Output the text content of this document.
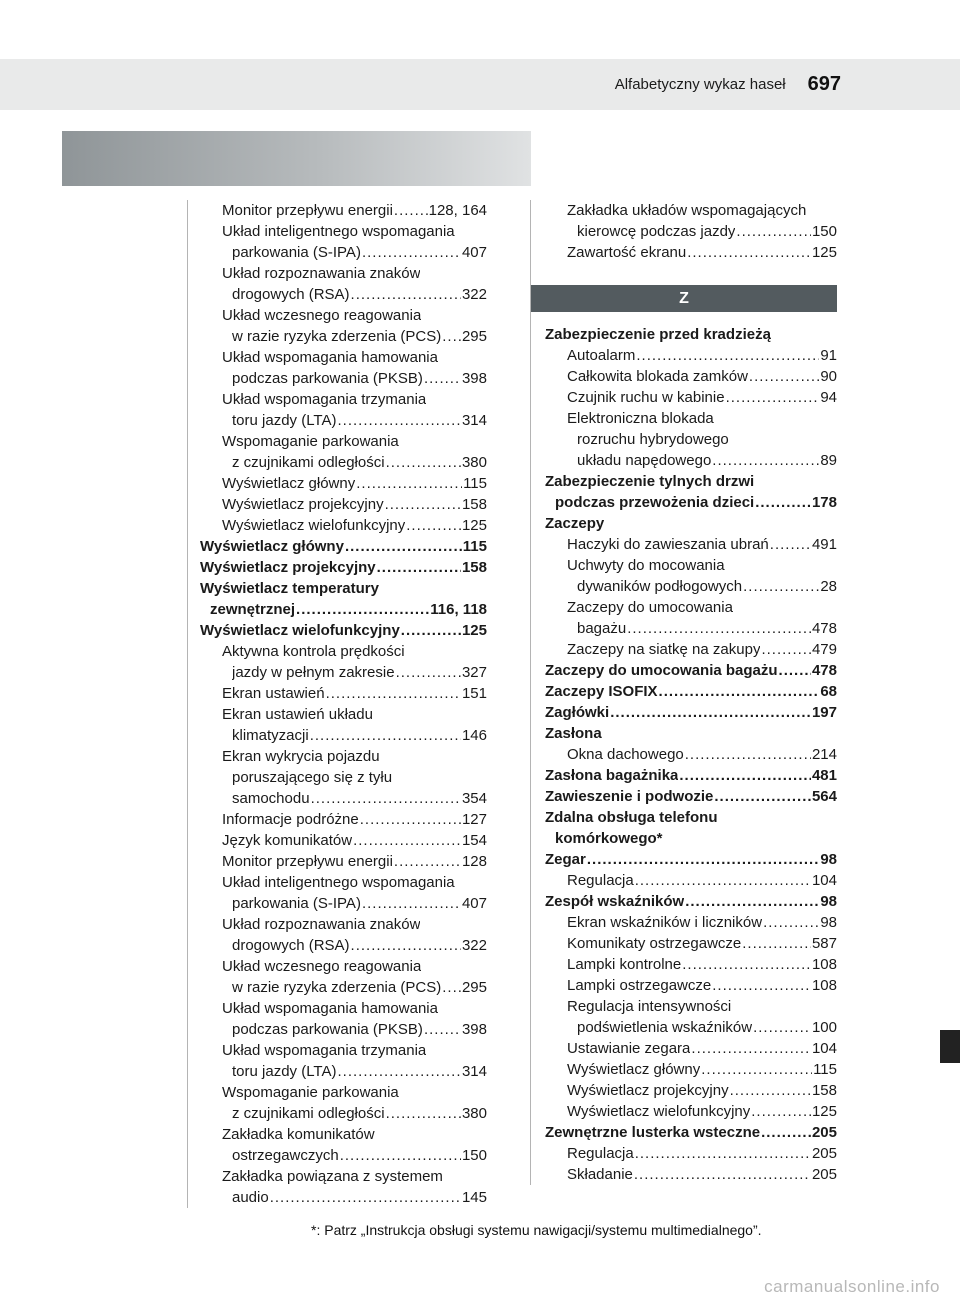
Alfabetyczny wykaz haseł 697
Monitor przepływu energii ..... 128, 164
Układ inteligentnego wspomagania
parkowania (S-IPA) .....	407
Układ rozpoznawania znaków
drogowych (RSA) .....	322
Układ wczesnego reagowania
w razie ryzyka zderzenia (PCS) ..... 295
Układ wspomagania hamowania
podczas parkowania (PKSB) .....	398
Układ wspomagania trzymania
toru jazdy (LTA) .....	314
Wspomaganie parkowania
z czujnikami odległości .....	380
Wyświetlacz główny .....	115
Wyświetlacz projekcyjny .....	158
Wyświetlacz wielofunkcyjny .....	125
Wyświetlacz główny .....	115
Wyświetlacz projekcyjny .....	158
Wyświetlacz temperatury
zewnętrznej .....	116, 118
Wyświetlacz wielofunkcyjny .....	125
Aktywna kontrola prędkości
jazdy w pełnym zakresie .....	327
Ekran ustawień .....	151
Ekran ustawień układu
klimatyzacji .....	146
Ekran wykrycia pojazdu
poruszającego się z tyłu
samochodu .....	354
Informacje podróżne .....	127
Język komunikatów .....	154
Monitor przepływu energii .....	128
Układ inteligentnego wspomagania
parkowania (S-IPA) .....	407
Układ rozpoznawania znaków
drogowych (RSA) .....	322
Układ wczesnego reagowania
w razie ryzyka zderzenia (PCS) ..... 295
Układ wspomagania hamowania
podczas parkowania (PKSB) .....	398
Układ wspomagania trzymania
toru jazdy (LTA) .....	314
Wspomaganie parkowania
z czujnikami odległości .....	380
Zakładka komunikatów
ostrzegawczych .....	150
Zakładka powiązana z systemem
audio .....	145
Zakładka układów wspomagających
kierowcę podczas jazdy .....	150
Zawartość ekranu .....	125
Z
Zabezpieczenie przed kradzieżą
Autoalarm .....	91
Całkowita blokada zamków .....	90
Czujnik ruchu w kabinie .....	94
Elektroniczna blokada
rozruchu hybrydowego
układu napędowego .....	89
Zabezpieczenie tylnych drzwi
podczas przewożenia dzieci .....	178
Zaczepy
Haczyki do zawieszania ubrań .....	491
Uchwyty do mocowania
dywaników podłogowych .....	28
Zaczepy do umocowania
bagażu .....	478
Zaczepy na siatkę na zakupy .....	479
Zaczepy do umocowania bagażu ..... 478
Zaczepy ISOFIX .....	68
Zagłówki .....	197
Zasłona
Okna dachowego .....	214
Zasłona bagażnika .....	481
Zawieszenie i podwozie .....	564
Zdalna obsługa telefonu
komórkowego*
Zegar .....	98
Regulacja .....	104
Zespół wskaźników .....	98
Ekran wskaźników i liczników .....	98
Komunikaty ostrzegawcze .....	587
Lampki kontrolne .....	108
Lampki ostrzegawcze .....	108
Regulacja intensywności
podświetlenia wskaźników .....	100
Ustawianie zegara .....	104
Wyświetlacz główny .....	115
Wyświetlacz projekcyjny .....	158
Wyświetlacz wielofunkcyjny .....	125
Zewnętrzne lusterka wsteczne .....	205
Regulacja .....	205
Składanie .....	205
*: Patrz „Instrukcja obsługi systemu nawigacji/systemu multimedialnego”.
carmanualsonline.info
